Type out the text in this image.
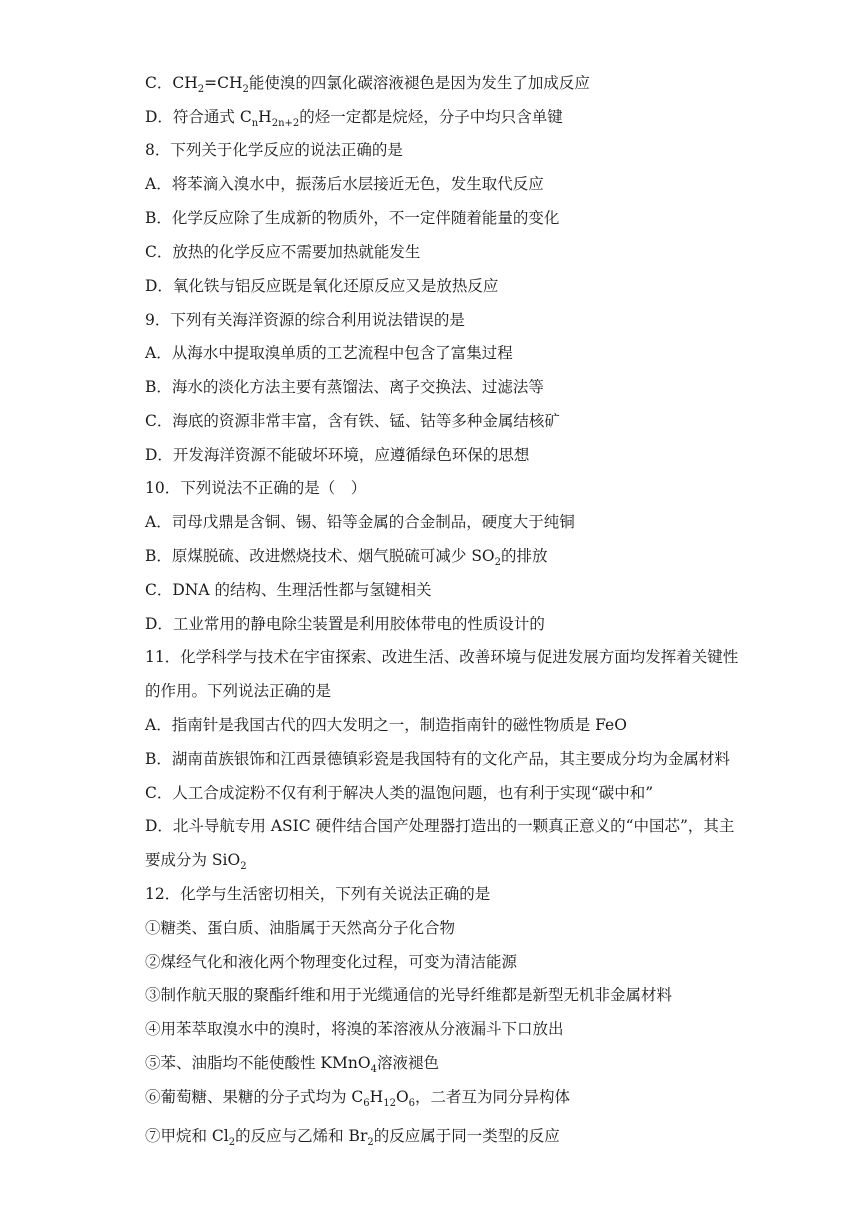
C．$CH_2=CH_2$能使溴的四氯化碳溶液褪色是因为发生了加成反应
D．符合通式 $C_nH_{2n+2}$的烃一定都是烷烃，分子中均只含单键
8．下列关于化学反应的说法正确的是
A．将苯滴入溴水中，振荡后水层接近无色，发生取代反应
B．化学反应除了生成新的物质外，不一定伴随着能量的变化
C．放热的化学反应不需要加热就能发生
D．氧化铁与铝反应既是氧化还原反应又是放热反应
9．下列有关海洋资源的综合利用说法错误的是
A．从海水中提取溴单质的工艺流程中包含了富集过程
B．海水的淡化方法主要有蒸馏法、离子交换法、过滤法等
C．海底的资源非常丰富，含有铁、锰、钴等多种金属结核矿
D．开发海洋资源不能破坏环境，应遵循绿色环保的思想
10．下列说法不正确的是（　）
A．司母戊鼎是含铜、锡、铅等金属的合金制品，硬度大于纯铜
B．原煤脱硫、改进燃烧技术、烟气脱硫可减少 $SO_2$的排放
C．DNA 的结构、生理活性都与氢键相关
D．工业常用的静电除尘装置是利用胶体带电的性质设计的
11．化学科学与技术在宇宙探索、改进生活、改善环境与促进发展方面均发挥着关键性
的作用。下列说法正确的是
A．指南针是我国古代的四大发明之一，制造指南针的磁性物质是 FeO
B．湖南苗族银饰和江西景德镇彩瓷是我国特有的文化产品，其主要成分均为金属材料
C．人工合成淀粉不仅有利于解决人类的温饱问题，也有利于实现“碳中和”
D．北斗导航专用 ASIC 硬件结合国产处理器打造出的一颗真正意义的“中国芯”，其主
要成分为 SiO$_2$
12．化学与生活密切相关，下列有关说法正确的是
①糖类、蛋白质、油脂属于天然高分子化合物
②煤经气化和液化两个物理变化过程，可变为清洁能源
③制作航天服的聚酯纤维和用于光缆通信的光导纤维都是新型无机非金属材料
④用苯萃取溴水中的溴时，将溴的苯溶液从分液漏斗下口放出
⑤苯、油脂均不能使酸性 KMnO$_4$溶液褪色
⑥葡萄糖、果糖的分子式均为 $C_6H_{12}O_6$，二者互为同分异构体
⑦甲烷和 $Cl_2$的反应与乙烯和 $Br_2$的反应属于同一类型的反应
